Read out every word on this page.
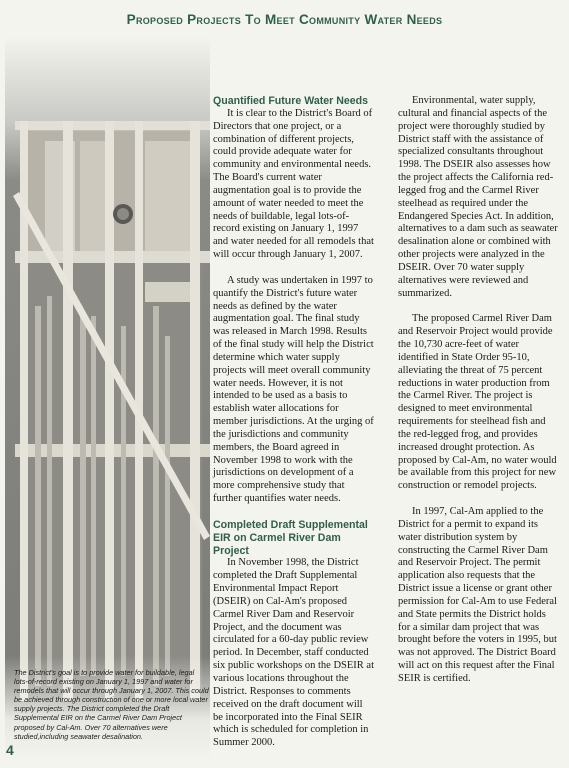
Proposed Projects To Meet Community Water Needs

The District's goal is to provide water for buildable, legal lots-of-record existing on January 1, 1997 and water for remodels that will occur through January 1, 2007. This could be achieved through construction of one or more local water supply projects. The District completed the Draft Supplemental EIR on the Carmel River Dam Project proposed by Cal-Am. Over 70 alternatives were studied,including seawater desalination.

4
Quantified Future Water Needs

It is clear to the District's Board of Directors that one project, or a combination of different projects, could provide adequate water for community and environmental needs. The Board's current water augmentation goal is to provide the amount of water needed to meet the needs of buildable, legal lots-of-record existing on January 1, 1997 and water needed for all remodels that will occur through January 1, 2007.

A study was undertaken in 1997 to quantify the District's future water needs as defined by the water augmentation goal. The final study was released in March 1998. Results of the final study will help the District determine which water supply projects will meet overall community water needs. However, it is not intended to be used as a basis to establish water allocations for member jurisdictions. At the urging of the jurisdictions and community members, the Board agreed in November 1998 to work with the jurisdictions on development of a more comprehensive study that further quantifies water needs.

Completed Draft Supplemental EIR on Carmel River Dam Project

In November 1998, the District completed the Draft Supplemental Environmental Impact Report (DSEIR) on Cal-Am's proposed Carmel River Dam and Reservoir Project, and the document was circulated for a 60-day public review period. In December, staff conducted six public workshops on the DSEIR at various locations throughout the District. Responses to comments received on the draft document will be incorporated into the Final SEIR which is scheduled for completion in Summer 2000.

Environmental, water supply, cultural and financial aspects of the project were thoroughly studied by District staff with the assistance of specialized consultants throughout 1998. The DSEIR also assesses how the project affects the California red-legged frog and the Carmel River steelhead as required under the Endangered Species Act. In addition, alternatives to a dam such as seawater desalination alone or combined with other projects were analyzed in the DSEIR. Over 70 water supply alternatives were reviewed and summarized.

The proposed Carmel River Dam and Reservoir Project would provide the 10,730 acre-feet of water identified in State Order 95-10, alleviating the threat of 75 percent reductions in water production from the Carmel River. The project is designed to meet environmental requirements for steelhead fish and the red-legged frog, and provides increased drought protection. As proposed by Cal-Am, no water would be available from this project for new construction or remodel projects.

In 1997, Cal-Am applied to the District for a permit to expand its water distribution system by constructing the Carmel River Dam and Reservoir Project. The permit application also requests that the District issue a license or grant other permission for Cal-Am to use Federal and State permits the District holds for a similar dam project that was brought before the voters in 1995, but was not approved. The District Board will act on this request after the Final SEIR is certified.
